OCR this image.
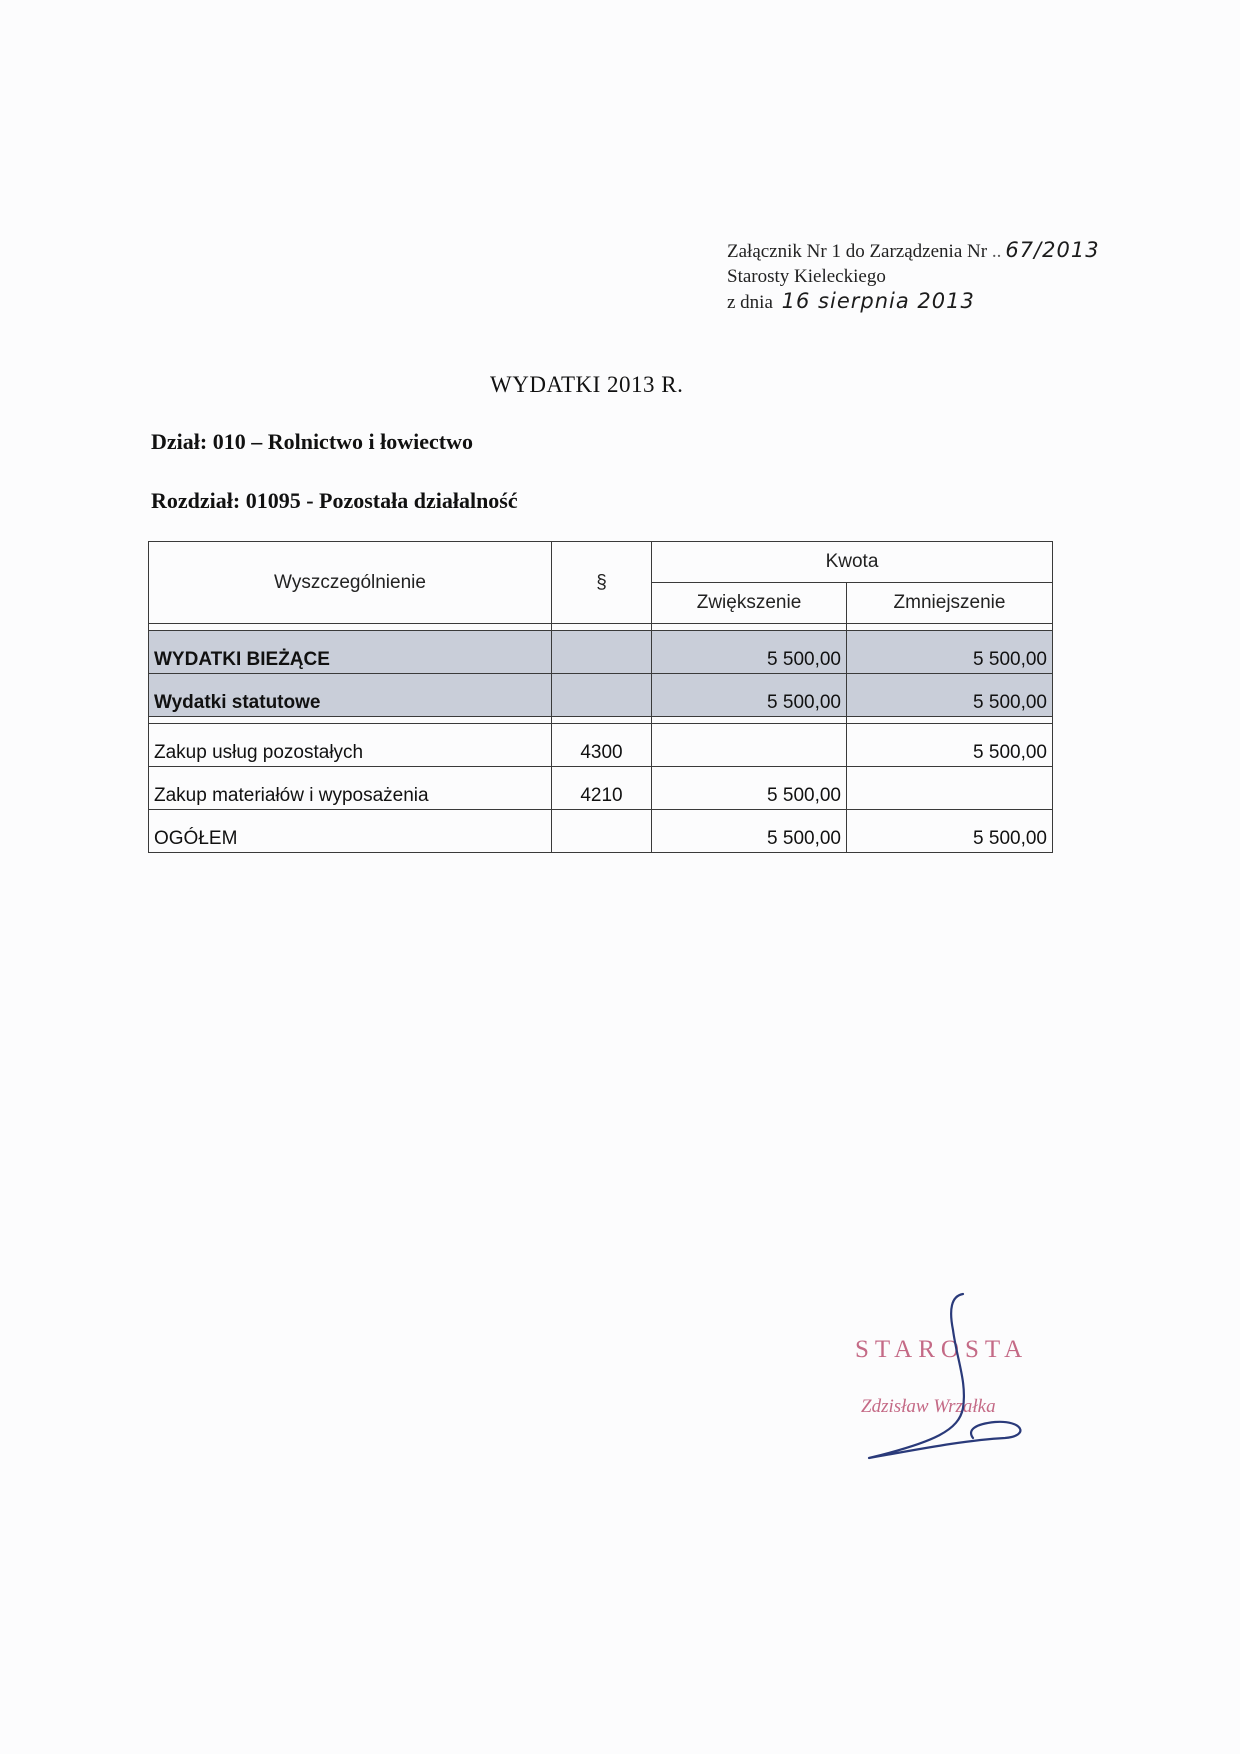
Załącznik Nr 1 do Zarządzenia Nr .. 67/2013
Starosty Kieleckiego
z dnia 16 sierpnia 2013
WYDATKI 2013 R.
Dział: 010 – Rolnictwo i łowiectwo
Rozdział: 01095 - Pozostała działalność
Wyszczególnienie	§	Kwota	
		Zwiększenie	Zmniejszenie

WYDATKI BIEŻĄCE		5 500,00	5 500,00
Wydatki statutowe		5 500,00	5 500,00

Zakup usług pozostałych	4300		5 500,00
Zakup materiałów i wyposażenia	4210	5 500,00	
OGÓŁEM		5 500,00	5 500,00
STAROSTA
Zdzisław Wrzałka
